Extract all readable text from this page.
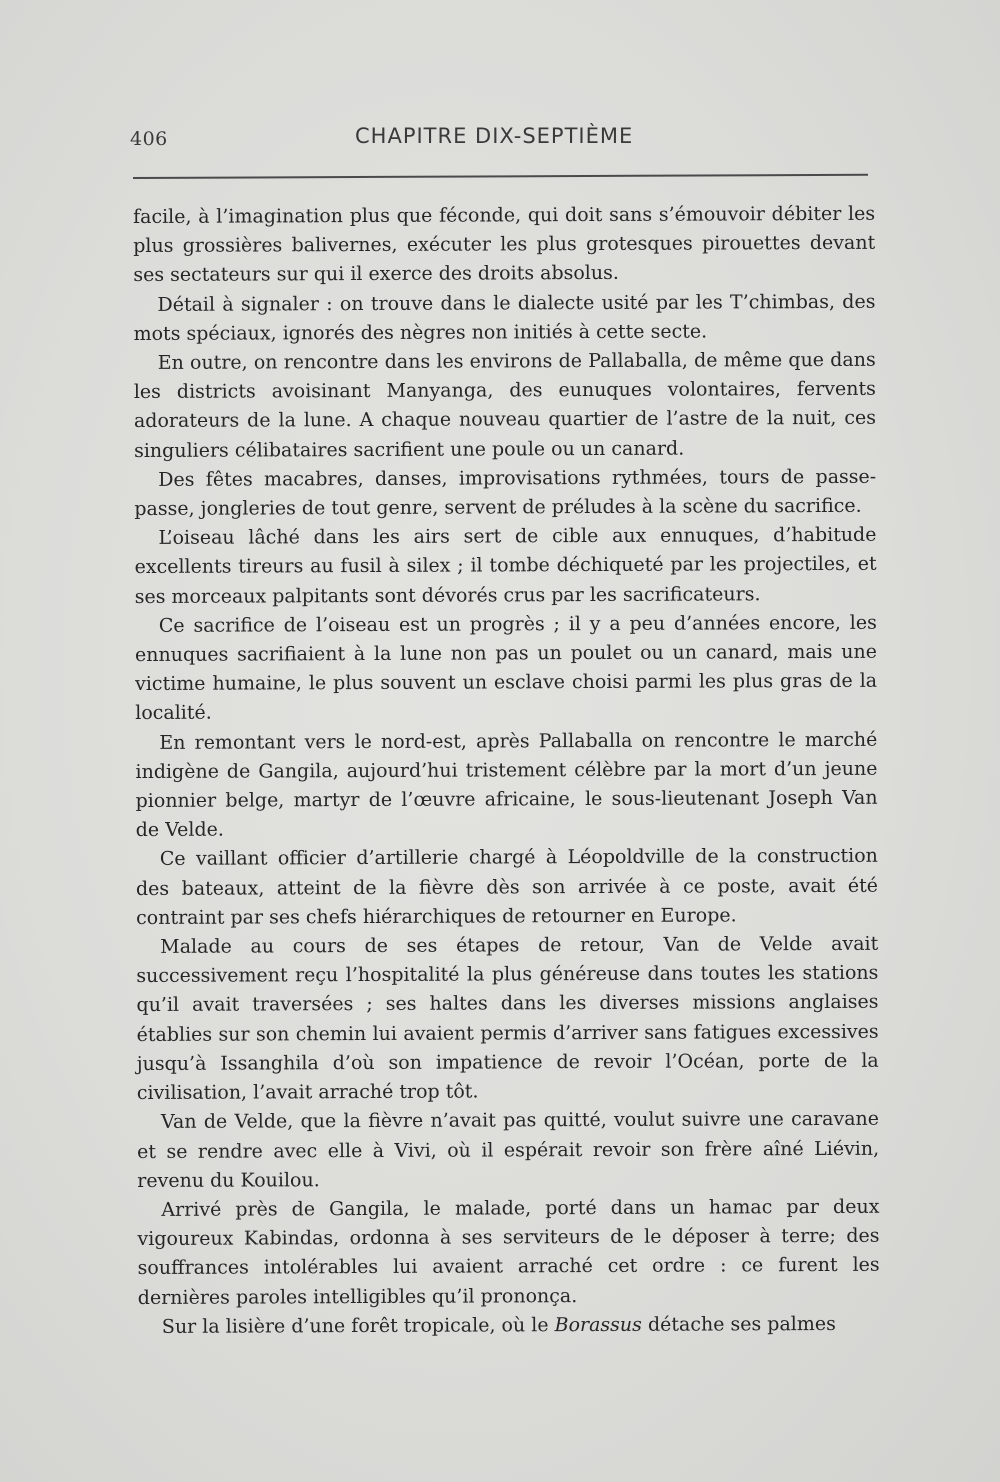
406	CHAPITRE DIX-SEPTIÈME

facile, à l’imagination plus que féconde, qui doit sans s’émouvoir débiter les plus grossières balivernes, exécuter les plus grotesques pirouettes devant ses sectateurs sur qui il exerce des droits absolus.

Détail à signaler : on trouve dans le dialecte usité par les T’chimbas, des mots spéciaux, ignorés des nègres non initiés à cette secte.

En outre, on rencontre dans les environs de Pallaballa, de même que dans les districts avoisinant Manyanga, des eunuques volontaires, fervents adorateurs de la lune. A chaque nouveau quartier de l’astre de la nuit, ces singuliers célibataires sacrifient une poule ou un canard.

Des fêtes macabres, danses, improvisations rythmées, tours de passe-passe, jongleries de tout genre, servent de préludes à la scène du sacrifice.

L’oiseau lâché dans les airs sert de cible aux ennuques, d’habitude excellents tireurs au fusil à silex ; il tombe déchiqueté par les projectiles, et ses morceaux palpitants sont dévorés crus par les sacrificateurs.

Ce sacrifice de l’oiseau est un progrès ; il y a peu d’années encore, les ennuques sacrifiaient à la lune non pas un poulet ou un canard, mais une victime humaine, le plus souvent un esclave choisi parmi les plus gras de la localité.

En remontant vers le nord-est, après Pallaballa on rencontre le marché indigène de Gangila, aujourd’hui tristement célèbre par la mort d’un jeune pionnier belge, martyr de l’œuvre africaine, le sous-lieutenant Joseph Van de Velde.

Ce vaillant officier d’artillerie chargé à Léopoldville de la construction des bateaux, atteint de la fièvre dès son arrivée à ce poste, avait été contraint par ses chefs hiérarchiques de retourner en Europe.

Malade au cours de ses étapes de retour, Van de Velde avait successivement reçu l’hospitalité la plus généreuse dans toutes les stations qu’il avait traversées ; ses haltes dans les diverses missions anglaises établies sur son chemin lui avaient permis d’arriver sans fatigues excessives jusqu’à Issanghila d’où son impatience de revoir l’Océan, porte de la civilisation, l’avait arraché trop tôt.

Van de Velde, que la fièvre n’avait pas quitté, voulut suivre une caravane et se rendre avec elle à Vivi, où il espérait revoir son frère aîné Liévin, revenu du Kouilou.

Arrivé près de Gangila, le malade, porté dans un hamac par deux vigoureux Kabindas, ordonna à ses serviteurs de le déposer à terre; des souffrances intolérables lui avaient arraché cet ordre : ce furent les dernières paroles intelligibles qu’il prononça.

Sur la lisière d’une forêt tropicale, où le Borassus détache ses palmes
